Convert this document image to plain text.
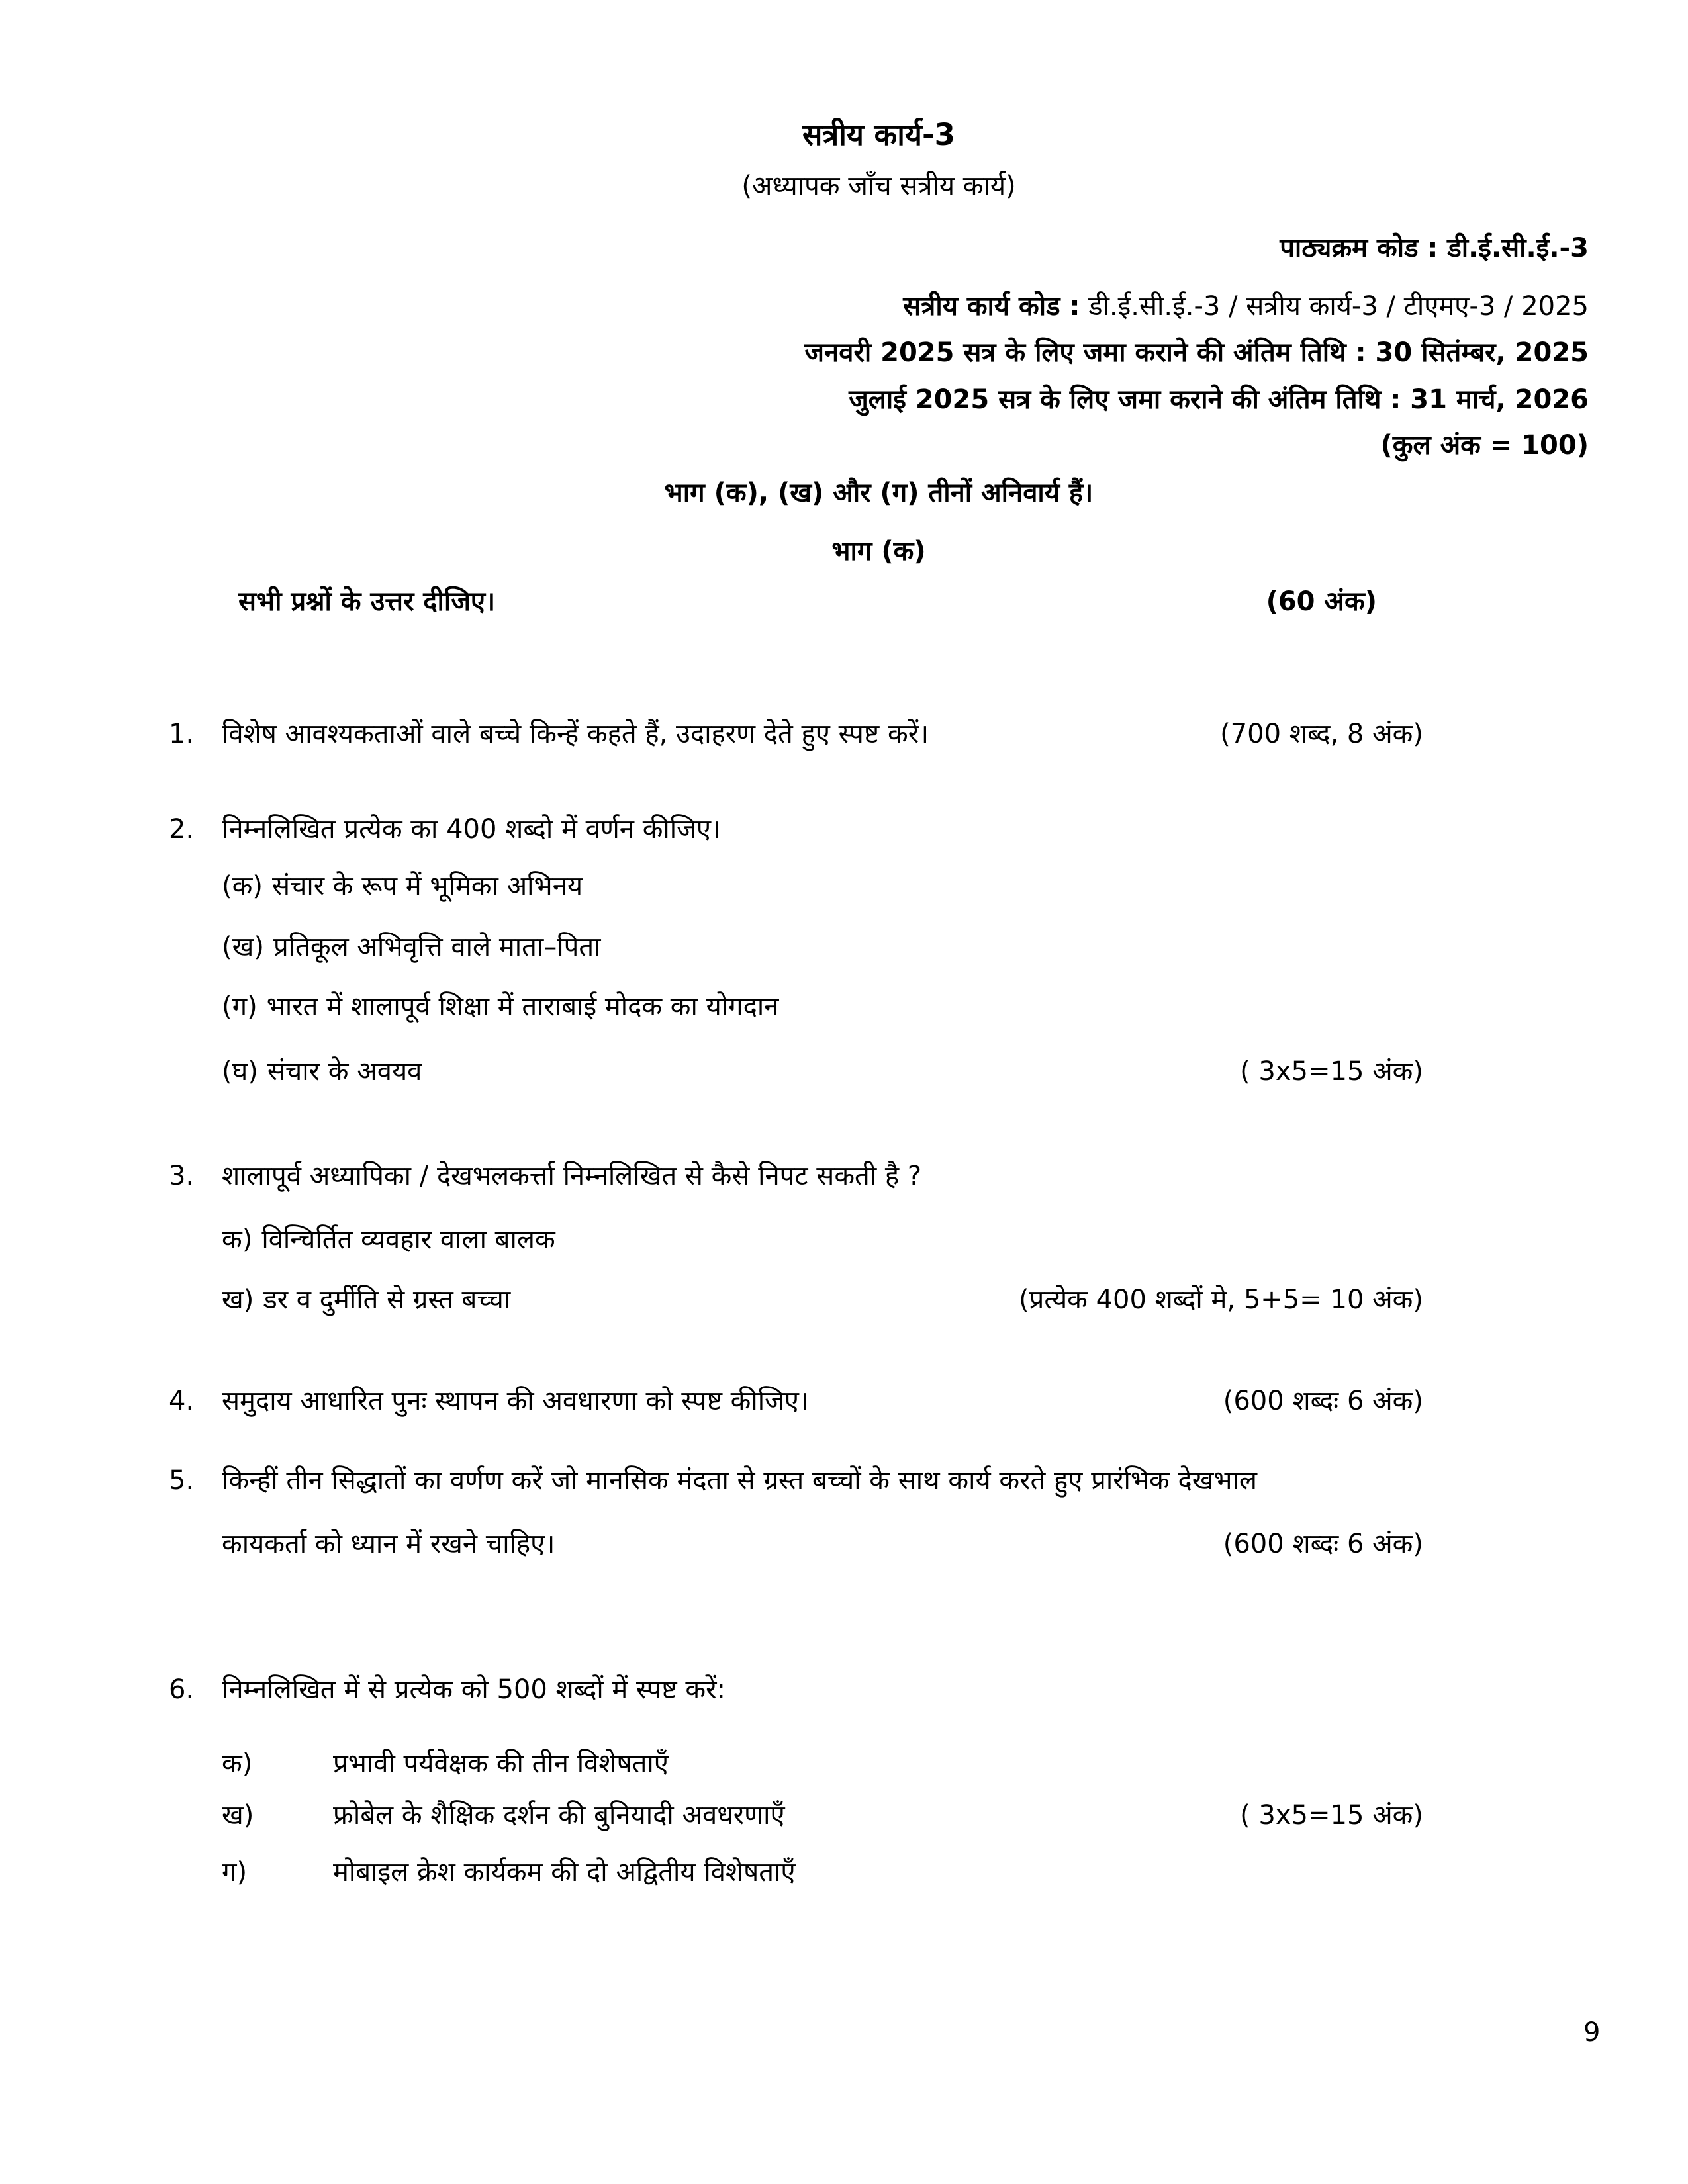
सत्रीय कार्य-3
(अध्यापक जाँच सत्रीय कार्य)
पाठ्यक्रम कोड : डी.ई.सी.ई.-3
सत्रीय कार्य कोड : डी.ई.सी.ई.-3 / सत्रीय कार्य-3 / टीएमए-3 / 2025
जनवरी 2025 सत्र के लिए जमा कराने की अंतिम तिथि : 30 सितंम्बर, 2025
जुलाई 2025 सत्र के लिए जमा कराने की अंतिम तिथि : 31 मार्च, 2026
(कुल अंक = 100)
भाग (क), (ख) और (ग) तीनों अनिवार्य हैं।
भाग (क)
सभी प्रश्नों के उत्तर दीजिए।	(60 अंक)
1. विशेष आवश्यकताओं वाले बच्चे किन्हें कहते हैं, उदाहरण देते हुए स्पष्ट करें।	(700 शब्द, 8 अंक)
2. निम्नलिखित प्रत्येक का 400 शब्दो में वर्णन कीजिए।
(क) संचार के रूप में भूमिका अभिनय
(ख) प्रतिकूल अभिवृत्ति वाले माता–पिता
(ग) भारत में शालापूर्व शिक्षा में ताराबाई मोदक का योगदान
(घ) संचार के अवयव	( 3x5=15 अंक)
3. शालापूर्व अध्यापिका / देखभलकर्त्ता निम्नलिखित से कैसे निपट सकती है ?
क) विन्चिर्तित व्यवहार वाला बालक
ख) डर व दुर्मीति से ग्रस्त बच्चा	(प्रत्येक 400 शब्दों मे, 5+5= 10 अंक)
4. समुदाय आधारित पुनः स्थापन की अवधारणा को स्पष्ट कीजिए।	(600 शब्दः 6 अंक)
5. किन्हीं तीन सिद्धातों का वर्णण करें जो मानसिक मंदता से ग्रस्त बच्चों के साथ कार्य करते हुए प्रारंभिक देखभाल
कायकर्ता को ध्यान में रखने चाहिए।	(600 शब्दः 6 अंक)
6. निम्नलिखित में से प्रत्येक को 500 शब्दों में स्पष्ट करें:
क)	प्रभावी पर्यवेक्षक की तीन विशेषताएँ
ख)	फ्रोबेल के शैक्षिक दर्शन की बुनियादी अवधरणाएँ	( 3x5=15 अंक)
ग)	मोबाइल क्रेश कार्यकम की दो अद्वितीय विशेषताएँ
9
